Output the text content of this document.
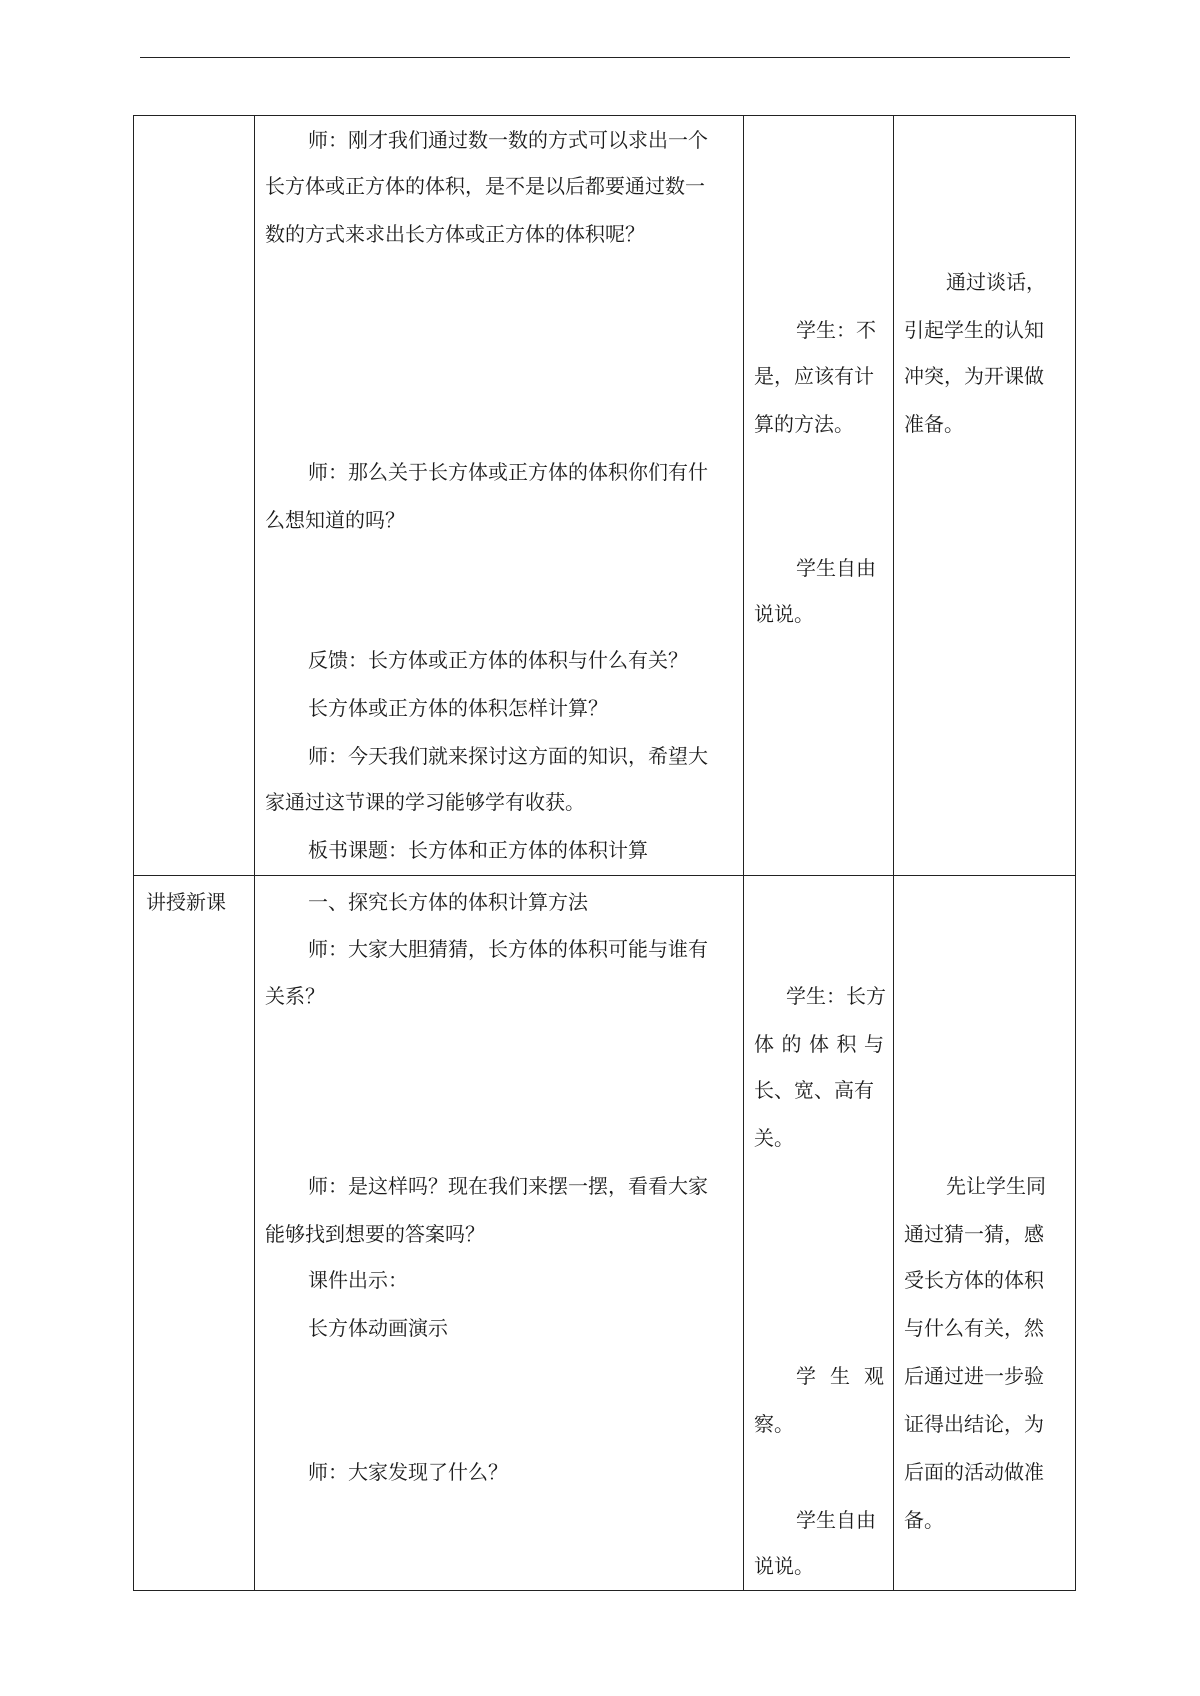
师：刚才我们通过数一数的方式可以求出一个
长方体或正方体的体积，是不是以后都要通过数一
数的方式来求出长方体或正方体的体积呢？
师：那么关于长方体或正方体的体积你们有什
么想知道的吗？
反馈：长方体或正方体的体积与什么有关？
长方体或正方体的体积怎样计算？
师：今天我们就来探讨这方面的知识，希望大
家通过这节课的学习能够学有收获。
板书课题：长方体和正方体的体积计算
学生：不
是，应该有计
算的方法。
学生自由
说说。
通过谈话，
引起学生的认知
冲突，为开课做
准备。
讲授新课	一、探究长方体的体积计算方法
师：大家大胆猜猜，长方体的体积可能与谁有
关系？
师：是这样吗？现在我们来摆一摆，看看大家
能够找到想要的答案吗？
课件出示：
长方体动画演示
师：大家发现了什么？
学生：长方
体 的 体 积 与
长、宽、高有
关。
学 生 观
察。
学生自由
说说。
先让学生同
通过猜一猜，感
受长方体的体积
与什么有关，然
后通过进一步验
证得出结论，为
后面的活动做准
备。
